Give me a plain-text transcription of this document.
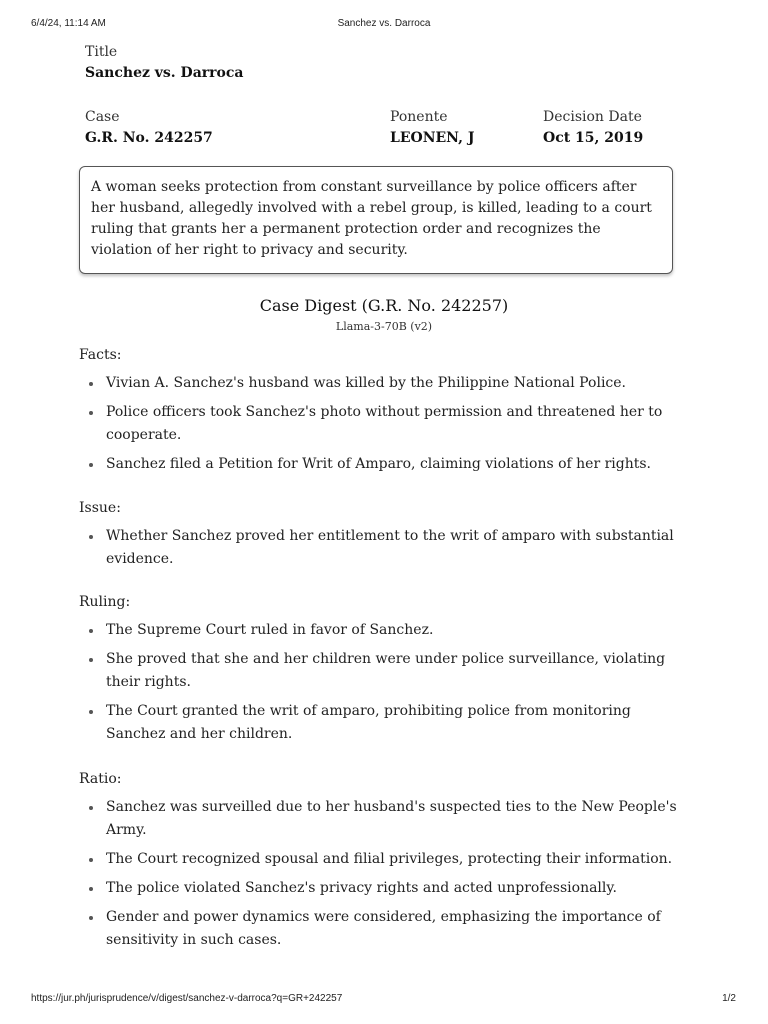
6/4/24, 11:14 AM	Sanchez vs. Darroca
Title
Sanchez vs. Darroca
Case
G.R. No. 242257
Ponente
LEONEN, J
Decision Date
Oct 15, 2019
A woman seeks protection from constant surveillance by police officers after her husband, allegedly involved with a rebel group, is killed, leading to a court ruling that grants her a permanent protection order and recognizes the violation of her right to privacy and security.
Case Digest (G.R. No. 242257)
Llama-3-70B (v2)
Facts:
Vivian A. Sanchez's husband was killed by the Philippine National Police.
Police officers took Sanchez's photo without permission and threatened her to cooperate.
Sanchez filed a Petition for Writ of Amparo, claiming violations of her rights.
Issue:
Whether Sanchez proved her entitlement to the writ of amparo with substantial evidence.
Ruling:
The Supreme Court ruled in favor of Sanchez.
She proved that she and her children were under police surveillance, violating their rights.
The Court granted the writ of amparo, prohibiting police from monitoring Sanchez and her children.
Ratio:
Sanchez was surveilled due to her husband's suspected ties to the New People's Army.
The Court recognized spousal and filial privileges, protecting their information.
The police violated Sanchez's privacy rights and acted unprofessionally.
Gender and power dynamics were considered, emphasizing the importance of sensitivity in such cases.
https://jur.ph/jurisprudence/v/digest/sanchez-v-darroca?q=GR+242257	1/2
